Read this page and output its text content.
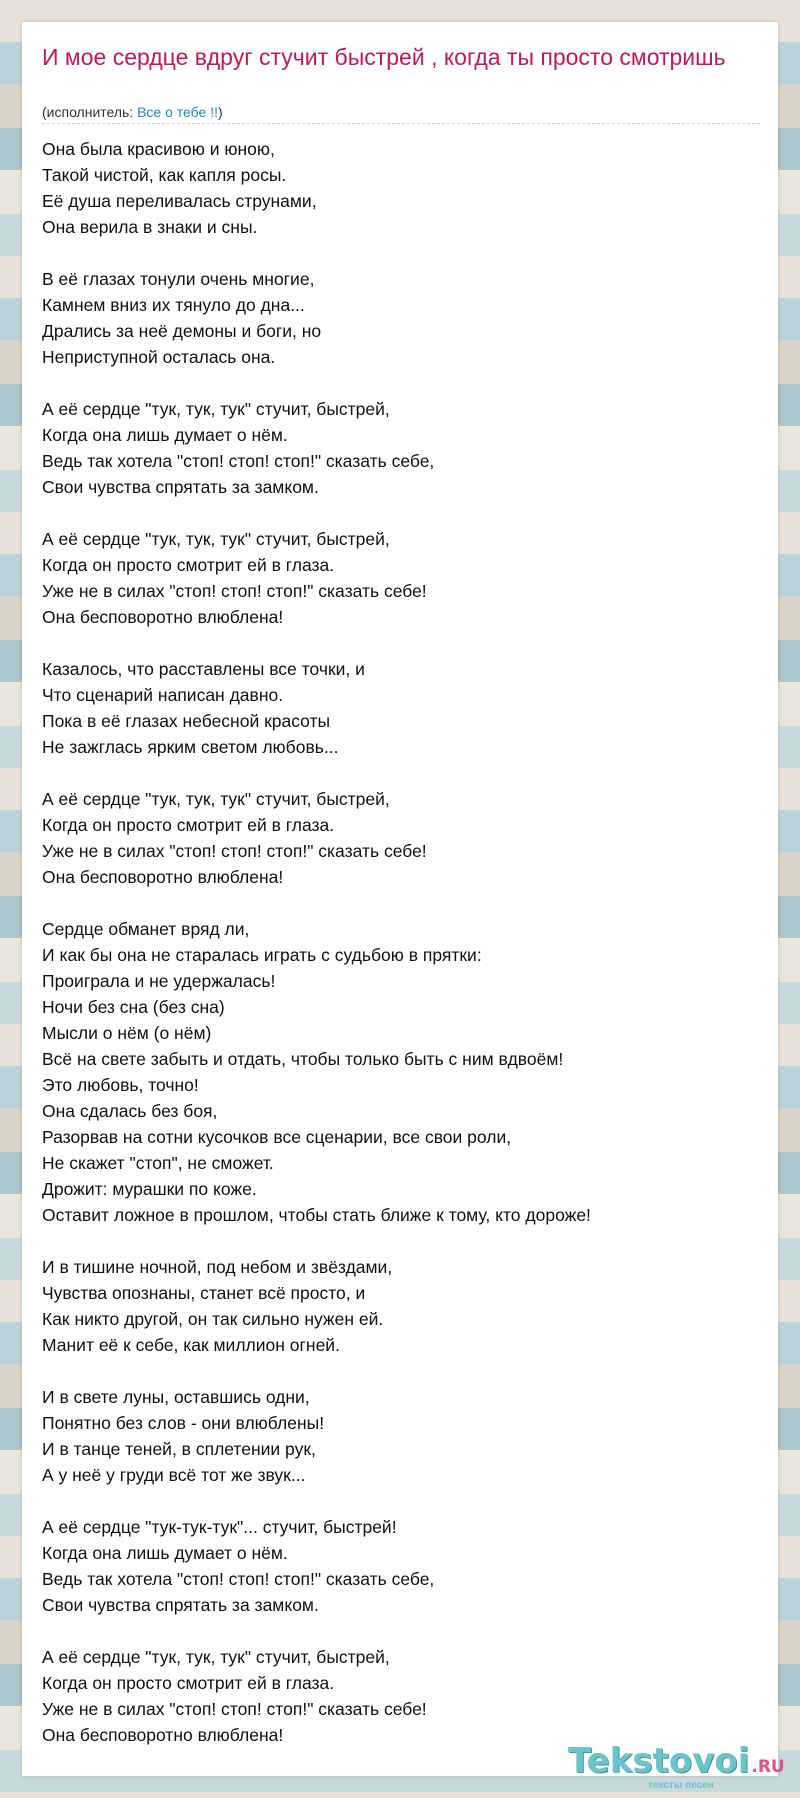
И мое сердце вдруг стучит быстрей , когда ты просто смотришь
(исполнитель: Все о тебе !!)
Она была красивою и юною,
Такой чистой, как капля росы.
Её душа переливалась струнами,
Она верила в знаки и сны.
В её глазах тонули очень многие,
Камнем вниз их тянуло до дна...
Дрались за неё демоны и боги, но
Неприступной осталась она.
А её сердце "тук, тук, тук" стучит, быстрей,
Когда она лишь думает о нём.
Ведь так хотела "стоп! стоп! стоп!" сказать себе,
Свои чувства спрятать за замком.
А её сердце "тук, тук, тук" стучит, быстрей,
Когда он просто смотрит ей в глаза.
Уже не в силах "стоп! стоп! стоп!" сказать себе!
Она бесповоротно влюблена!
Казалось, что расставлены все точки, и
Что сценарий написан давно.
Пока в её глазах небесной красоты
Не зажглась ярким светом любовь...
А её сердце "тук, тук, тук" стучит, быстрей,
Когда он просто смотрит ей в глаза.
Уже не в силах "стоп! стоп! стоп!" сказать себе!
Она бесповоротно влюблена!
Сердце обманет вряд ли,
И как бы она не старалась играть с судьбою в прятки:
Проиграла и не удержалась!
Ночи без сна (без сна)
Мысли о нём (о нём)
Всё на свете забыть и отдать, чтобы только быть с ним вдвоём!
Это любовь, точно!
Она сдалась без боя,
Разорвав на сотни кусочков все сценарии, все свои роли,
Не скажет "стоп", не сможет.
Дрожит: мурашки по коже.
Оставит ложное в прошлом, чтобы стать ближе к тому, кто дороже!
И в тишине ночной, под небом и звёздами,
Чувства опознаны, станет всё просто, и
Как никто другой, он так сильно нужен ей.
Манит её к себе, как миллион огней.
И в свете луны, оставшись одни,
Понятно без слов - они влюблены!
И в танце теней, в сплетении рук,
А у неё у груди всё тот же звук...
А её сердце "тук-тук-тук"... стучит, быстрей!
Когда она лишь думает о нём.
Ведь так хотела "стоп! стоп! стоп!" сказать себе,
Свои чувства спрятать за замком.
А её сердце "тук, тук, тук" стучит, быстрей,
Когда он просто смотрит ей в глаза.
Уже не в силах "стоп! стоп! стоп!" сказать себе!
Она бесповоротно влюблена!
Tekstovoi .RU
тексты песен
